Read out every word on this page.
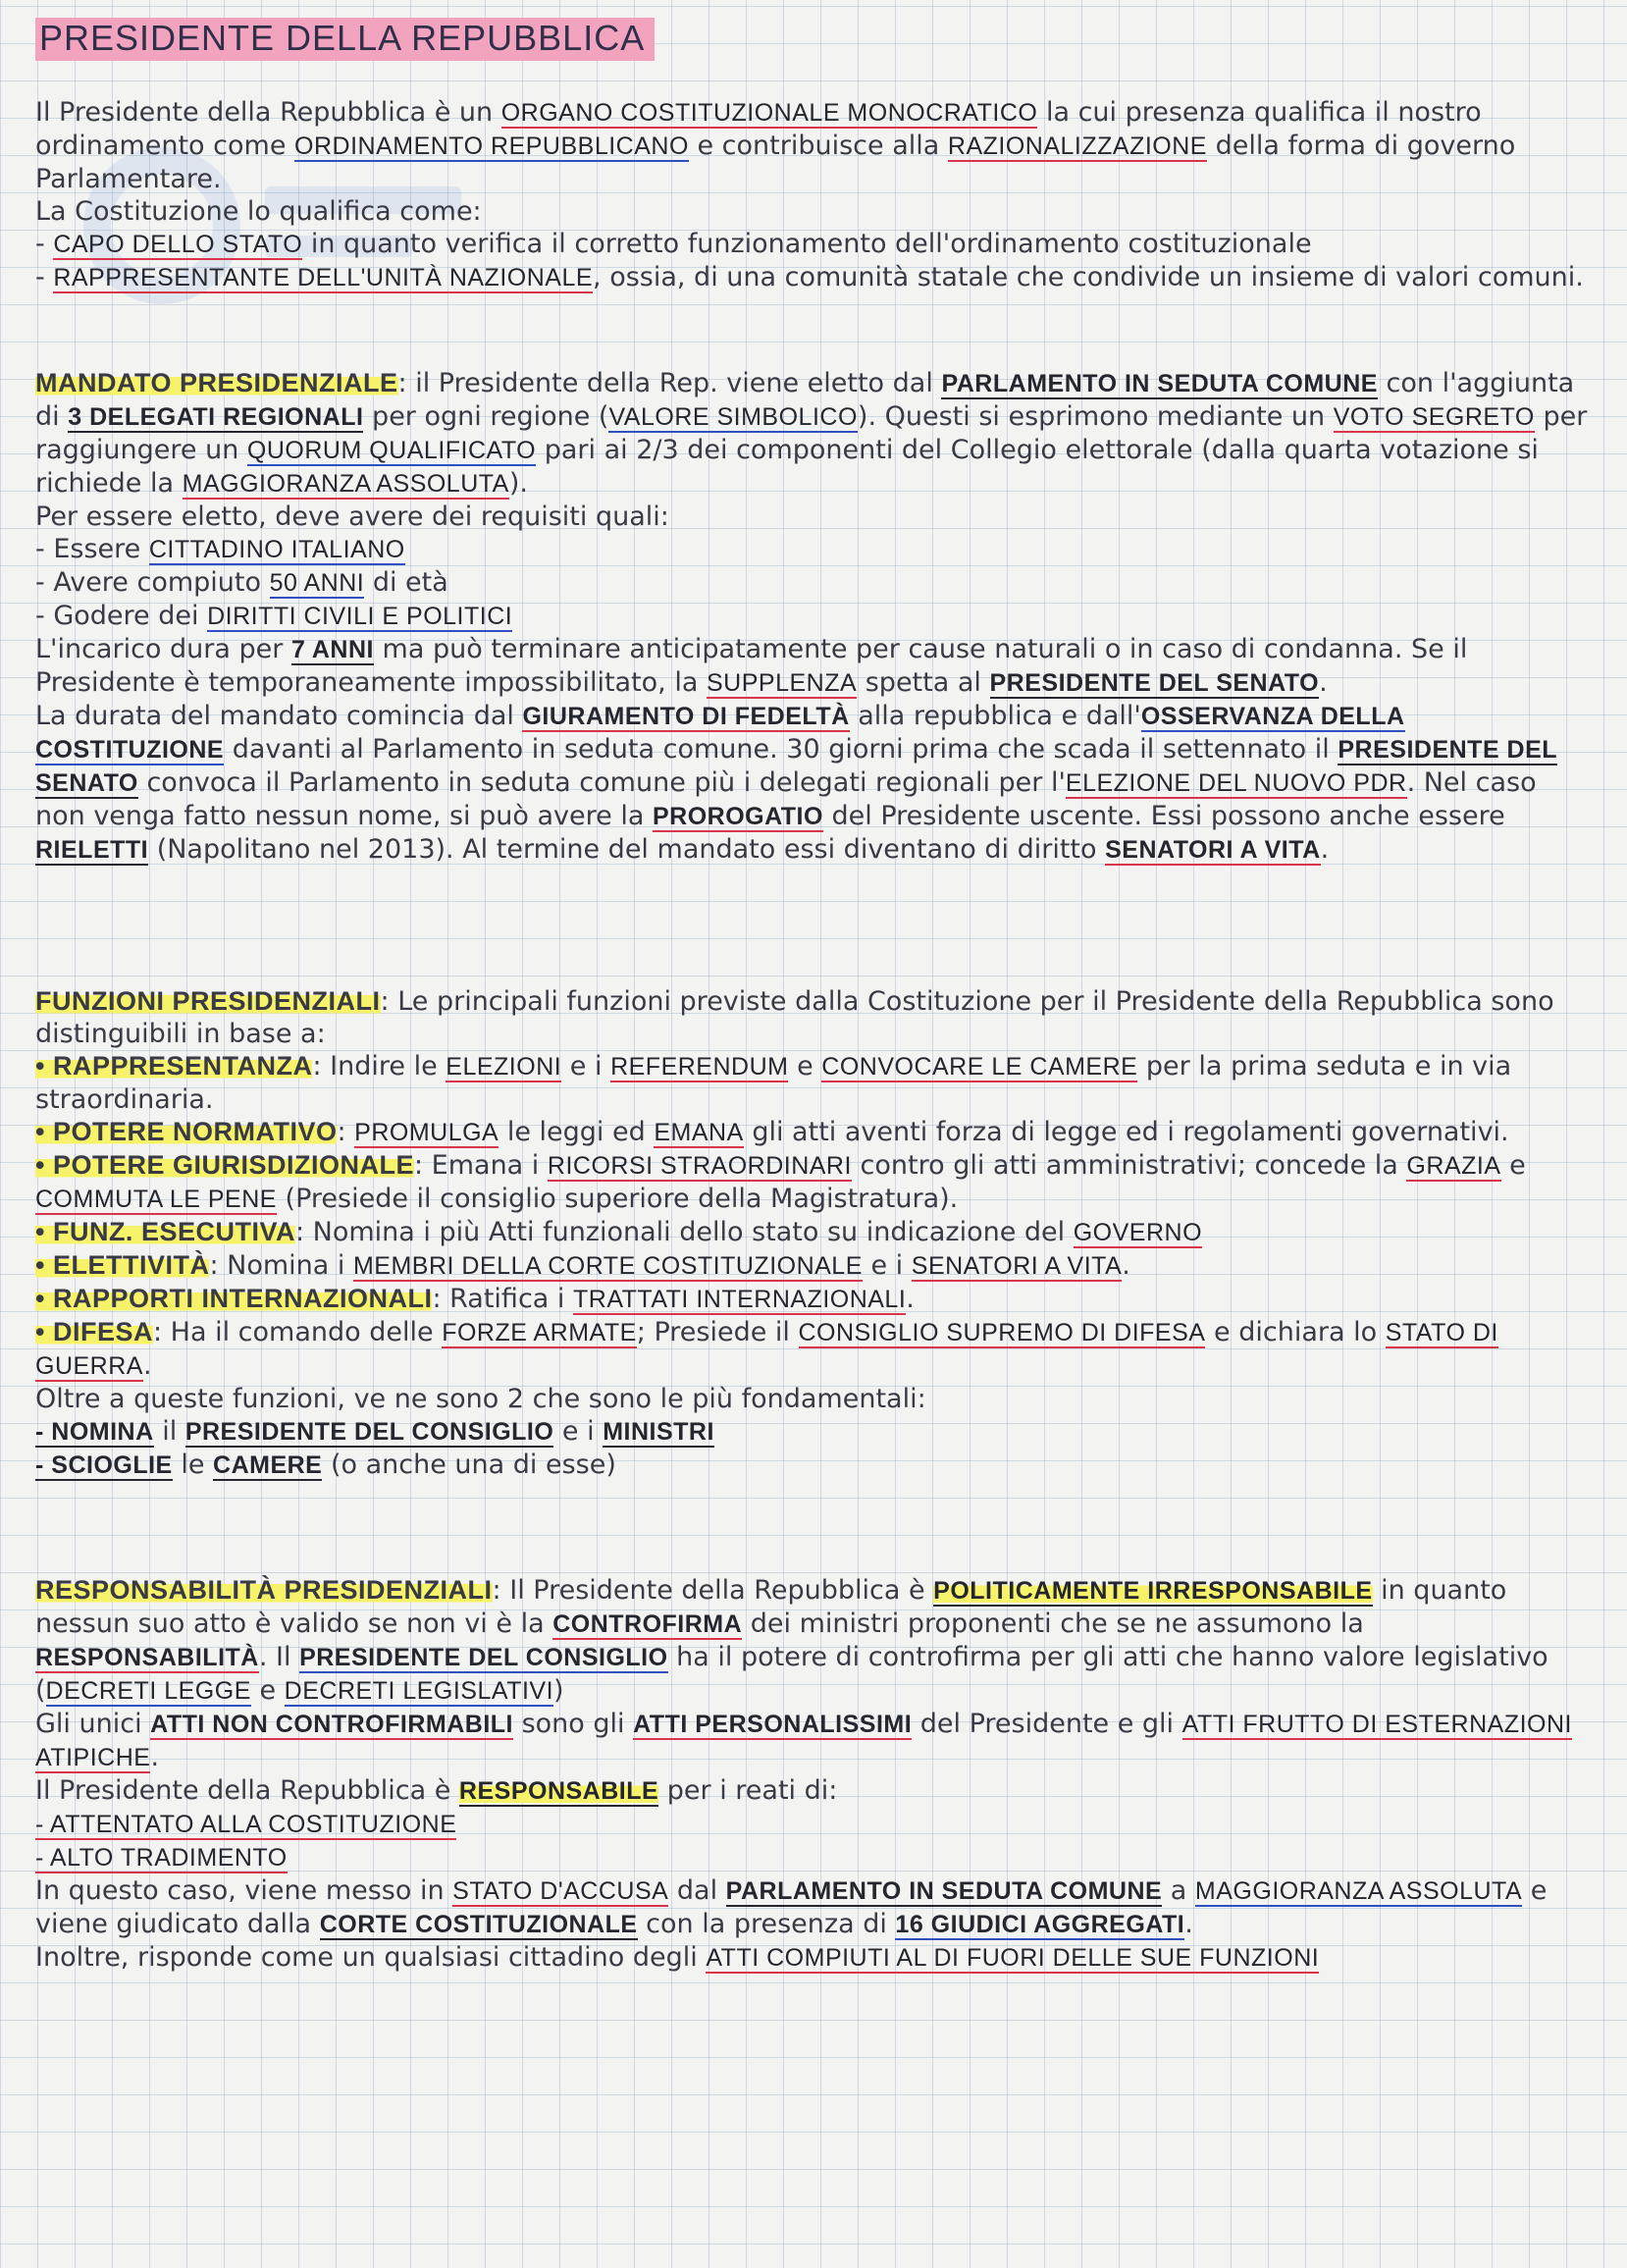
PRESIDENTE DELLA REPUBBLICA

Il Presidente della Repubblica è un ORGANO COSTITUZIONALE MONOCRATICO la cui presenza qualifica il nostro ordinamento come ORDINAMENTO REPUBBLICANO e contribuisce alla RAZIONALIZZAZIONE della forma di governo Parlamentare.

La Costituzione lo qualifica come:

- CAPO DELLO STATO in quanto verifica il corretto funzionamento dell'ordinamento costituzionale

- RAPPRESENTANTE DELL'UNITÀ NAZIONALE, ossia, di una comunità statale che condivide un insieme di valori comuni.

MANDATO PRESIDENZIALE: il Presidente della Rep. viene eletto dal PARLAMENTO IN SEDUTA COMUNE con l'aggiunta di 3 DELEGATI REGIONALI per ogni regione (VALORE SIMBOLICO). Questi si esprimono mediante un VOTO SEGRETO per raggiungere un QUORUM QUALIFICATO pari ai 2/3 dei componenti del Collegio elettorale (dalla quarta votazione si richiede la MAGGIORANZA ASSOLUTA).

Per essere eletto, deve avere dei requisiti quali:

- Essere CITTADINO ITALIANO

- Avere compiuto 50 ANNI di età

- Godere dei DIRITTI CIVILI E POLITICI

L'incarico dura per 7 ANNI ma può terminare anticipatamente per cause naturali o in caso di condanna. Se il Presidente è temporaneamente impossibilitato, la SUPPLENZA spetta al PRESIDENTE DEL SENATO.

La durata del mandato comincia dal GIURAMENTO DI FEDELTÀ alla repubblica e dall'OSSERVANZA DELLA COSTITUZIONE davanti al Parlamento in seduta comune. 30 giorni prima che scada il settennato il PRESIDENTE DEL SENATO convoca il Parlamento in seduta comune più i delegati regionali per l'ELEZIONE DEL NUOVO PDR. Nel caso non venga fatto nessun nome, si può avere la PROROGATIO del Presidente uscente. Essi possono anche essere RIELETTI (Napolitano nel 2013). Al termine del mandato essi diventano di diritto SENATORI A VITA.

FUNZIONI PRESIDENZIALI: Le principali funzioni previste dalla Costituzione per il Presidente della Repubblica sono distinguibili in base a:

• RAPPRESENTANZA: Indire le ELEZIONI e i REFERENDUM e CONVOCARE LE CAMERE per la prima seduta e in via straordinaria.

• POTERE NORMATIVO: PROMULGA le leggi ed EMANA gli atti aventi forza di legge ed i regolamenti governativi.

• POTERE GIURISDIZIONALE: Emana i RICORSI STRAORDINARI contro gli atti amministrativi; concede la GRAZIA e COMMUTA LE PENE (Presiede il consiglio superiore della Magistratura).

• FUNZ. ESECUTIVA: Nomina i più Atti funzionali dello stato su indicazione del GOVERNO

• ELETTIVITÀ: Nomina i MEMBRI DELLA CORTE COSTITUZIONALE e i SENATORI A VITA.

• RAPPORTI INTERNAZIONALI: Ratifica i TRATTATI INTERNAZIONALI.

• DIFESA: Ha il comando delle FORZE ARMATE; Presiede il CONSIGLIO SUPREMO DI DIFESA e dichiara lo STATO DI GUERRA.

Oltre a queste funzioni, ve ne sono 2 che sono le più fondamentali:

- NOMINA il PRESIDENTE DEL CONSIGLIO e i MINISTRI

- SCIOGLIE le CAMERE (o anche una di esse)

RESPONSABILITÀ PRESIDENZIALI: Il Presidente della Repubblica è POLITICAMENTE IRRESPONSABILE in quanto nessun suo atto è valido se non vi è la CONTROFIRMA dei ministri proponenti che se ne assumono la RESPONSABILITÀ. Il PRESIDENTE DEL CONSIGLIO ha il potere di controfirma per gli atti che hanno valore legislativo (DECRETI LEGGE e DECRETI LEGISLATIVI)

Gli unici ATTI NON CONTROFIRMABILI sono gli ATTI PERSONALISSIMI del Presidente e gli ATTI FRUTTO DI ESTERNAZIONI ATIPICHE.

Il Presidente della Repubblica è RESPONSABILE per i reati di:

- ATTENTATO ALLA COSTITUZIONE

- ALTO TRADIMENTO

In questo caso, viene messo in STATO D'ACCUSA dal PARLAMENTO IN SEDUTA COMUNE a MAGGIORANZA ASSOLUTA e viene giudicato dalla CORTE COSTITUZIONALE con la presenza di 16 GIUDICI AGGREGATI.

Inoltre, risponde come un qualsiasi cittadino degli ATTI COMPIUTI AL DI FUORI DELLE SUE FUNZIONI
